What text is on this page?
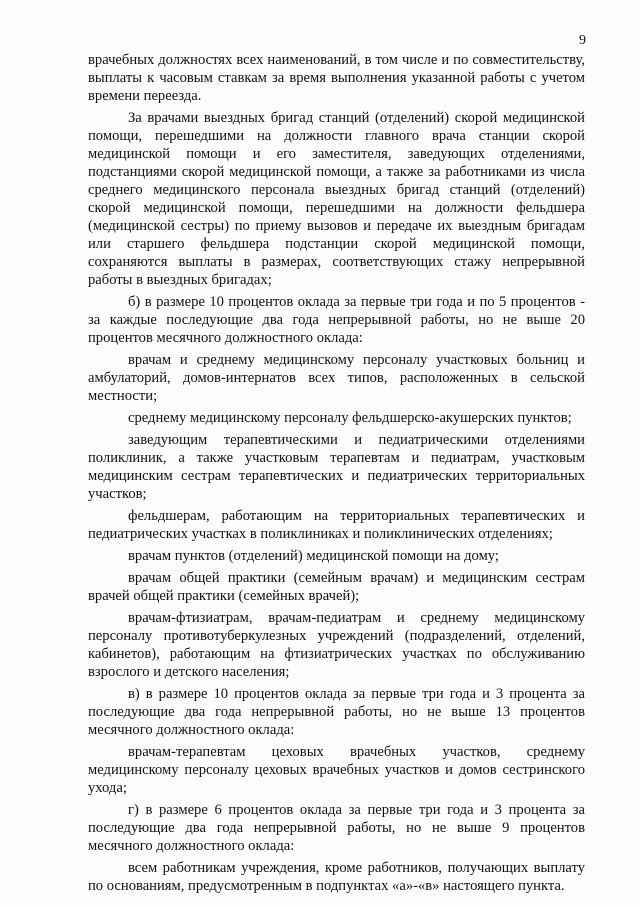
9

врачебных должностях всех наименований, в том числе и по совместительству, выплаты к часовым ставкам за время выполнения указанной работы с учетом времени переезда.

За врачами выездных бригад станций (отделений) скорой медицинской помощи, перешедшими на должности главного врача станции скорой медицинской помощи и его заместителя, заведующих отделениями, подстанциями скорой медицинской помощи, а также за работниками из числа среднего медицинского персонала выездных бригад станций (отделений) скорой медицинской помощи, перешедшими на должности фельдшера (медицинской сестры) по приему вызовов и передаче их выездным бригадам или старшего фельдшера подстанции скорой медицинской помощи, сохраняются выплаты в размерах, соответствующих стажу непрерывной работы в выездных бригадах;

б) в размере 10 процентов оклада за первые три года и по 5 процентов - за каждые последующие два года непрерывной работы, но не выше 20 процентов месячного должностного оклада:

врачам и среднему медицинскому персоналу участковых больниц и амбулаторий, домов-интернатов всех типов, расположенных в сельской местности;

среднему медицинскому персоналу фельдшерско-акушерских пунктов;

заведующим терапевтическими и педиатрическими отделениями поликлиник, а также участковым терапевтам и педиатрам, участковым медицинским сестрам терапевтических и педиатрических территориальных участков;

фельдшерам, работающим на территориальных терапевтических и педиатрических участках в поликлиниках и поликлинических отделениях;

врачам пунктов (отделений) медицинской помощи на дому;

врачам общей практики (семейным врачам) и медицинским сестрам врачей общей практики (семейных врачей);

врачам-фтизиатрам, врачам-педиатрам и среднему медицинскому персоналу противотуберкулезных учреждений (подразделений, отделений, кабинетов), работающим на фтизиатрических участках по обслуживанию взрослого и детского населения;

в) в размере 10 процентов оклада за первые три года и 3 процента за последующие два года непрерывной работы, но не выше 13 процентов месячного должностного оклада:

врачам-терапевтам цеховых врачебных участков, среднему медицинскому персоналу цеховых врачебных участков и домов сестринского ухода;

г) в размере 6 процентов оклада за первые три года и 3 процента за последующие два года непрерывной работы, но не выше 9 процентов месячного должностного оклада:

всем работникам учреждения, кроме работников, получающих выплату по основаниям, предусмотренным в подпунктах «а»-«в» настоящего пункта.
